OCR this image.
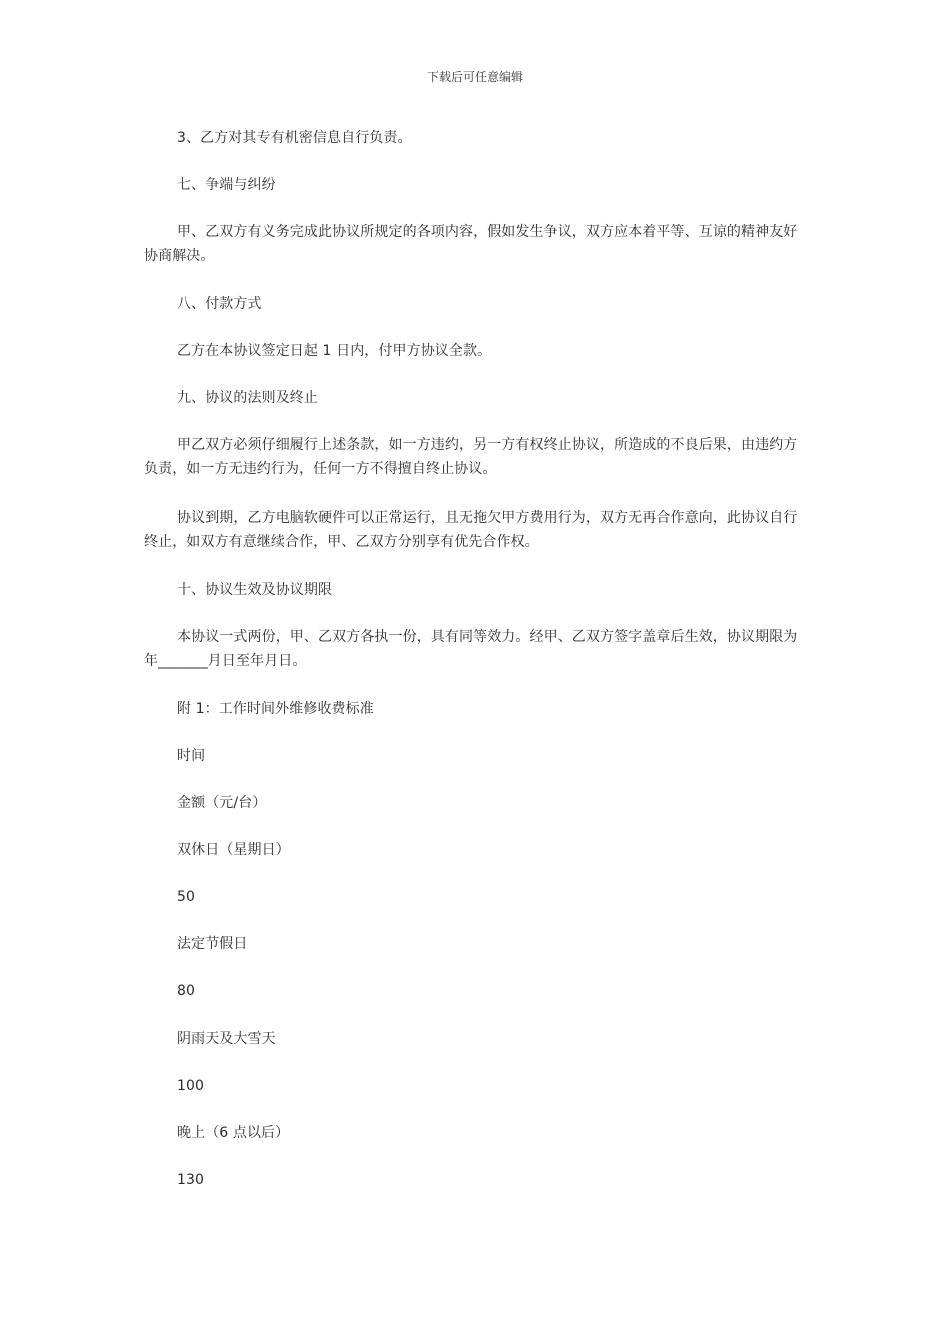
下载后可任意编辑

3、乙方对其专有机密信息自行负责。

七、争端与纠纷

甲、乙双方有义务完成此协议所规定的各项内容，假如发生争议，双方应本着平等、互谅的精神友好协商解决。

八、付款方式

乙方在本协议签定日起 1 日内，付甲方协议全款。

九、协议的法则及终止

甲乙双方必须仔细履行上述条款，如一方违约，另一方有权终止协议，所造成的不良后果，由违约方负责，如一方无违约行为，任何一方不得擅自终止协议。

协议到期，乙方电脑软硬件可以正常运行，且无拖欠甲方费用行为，双方无再合作意向，此协议自行终止，如双方有意继续合作，甲、乙双方分别享有优先合作权。

十、协议生效及协议期限

本协议一式两份，甲、乙双方各执一份，具有同等效力。经甲、乙双方签字盖章后生效，协议期限为年_______月日至年月日。

附 1：工作时间外维修收费标准

时间

金额（元/台）

双休日（星期日）

50

法定节假日

80

阴雨天及大雪天

100

晚上（6 点以后）

130
